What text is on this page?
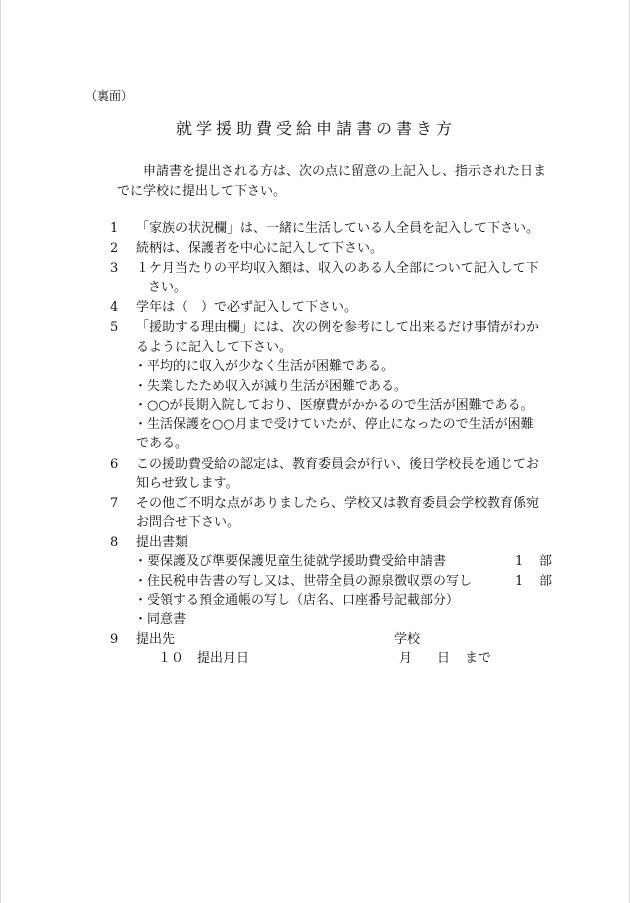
（裏面）
就学援助費受給申請書の書き方
申請書を提出される方は、次の点に留意の上記入し、指示された日ま
でに学校に提出して下さい。
1	「家族の状況欄」は、一緒に生活している人全員を記入して下さい。
2	続柄は、保護者を中心に記入して下さい。
3	１ケ月当たりの平均収入額は、収入のある人全部について記入して下
さい。
4	学年は（　）で必ず記入して下さい。
5	「援助する理由欄」には、次の例を参考にして出来るだけ事情がわか
るように記入して下さい。
・平均的に収入が少なく生活が困難である。
・失業したため収入が減り生活が困難である。
・○○が長期入院しており、医療費がかかるので生活が困難である。
・生活保護を○○月まで受けていたが、停止になったので生活が困難
である。
6	この援助費受給の認定は、教育委員会が行い、後日学校長を通じてお
知らせ致します。
7	その他ご不明な点がありましたら、学校又は教育委員会学校教育係宛
お問合せ下さい。
8	提出書類
・要保護及び準要保護児童生徒就学援助費受給申請書	1 部
・住民税申告書の写し又は、世帯全員の源泉徴収票の写し	1 部
・受領する預金通帳の写し（店名、口座番号記載部分）
・同意書
9	提出先	学校
１０　提出月日	月 日 まで
